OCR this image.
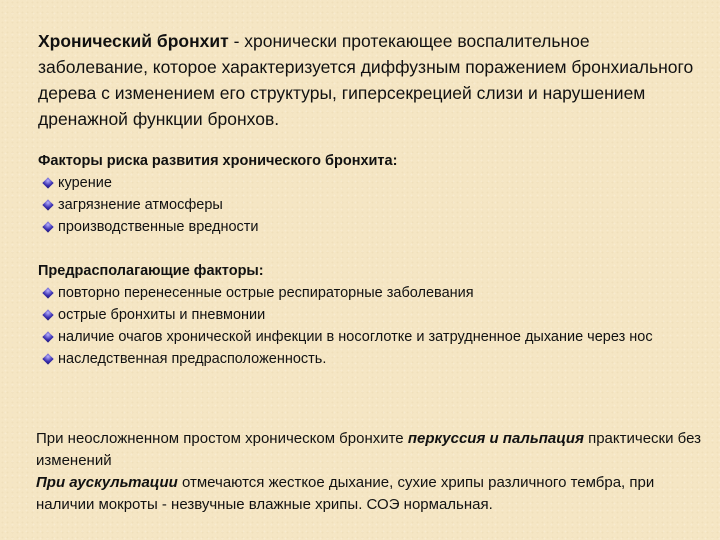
Хронический бронхит - хронически протекающее воспалительное заболевание, которое характеризуется диффузным поражением бронхиального дерева с изменением его структуры, гиперсекрецией слизи и нарушением дренажной функции бронхов.
Факторы риска развития хронического бронхита:
курение
загрязнение атмосферы
производственные вредности
Предрасполагающие факторы:
повторно перенесенные острые респираторные заболевания
острые бронхиты и пневмонии
наличие очагов хронической инфекции в носоглотке и затрудненное дыхание через нос
наследственная предрасположенность.
При неосложненном простом хроническом бронхите перкуссия и пальпация практически без изменений
При аускультации отмечаются жесткое дыхание, сухие хрипы различного тембра, при наличии мокроты - незвучные влажные хрипы. СОЭ нормальная.
